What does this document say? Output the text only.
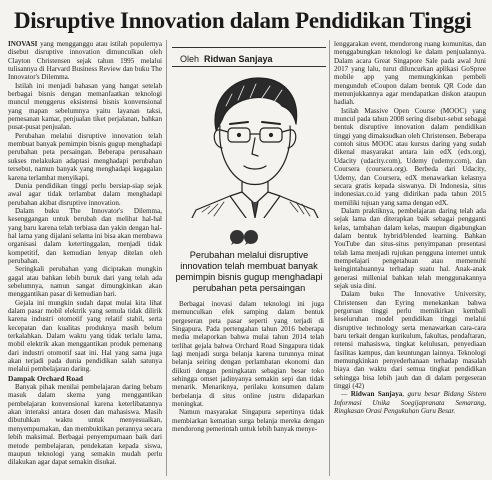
Disruptive Innovation dalam Pendidikan Tinggi

INOVASI yang mengganggu atau istilah populernya disebut disruptive innovation dimunculkan oleh Clayton Christensen sejak tahun 1995 melalui tulisannya di Harvard Business Review dan buku The Innovator's Dilemma.

Istilah ini menjadi bahasan yang hangat setelah berbagai bisnis dengan memanfaatkan teknologi muncul menggerus eksistensi bisnis konvensional yang mapan sebelumnya yaitu layanan taksi, pemesanan kamar, penjualan tiket perjalanan, bahkan pusat-pusat penjualan.

Perubahan melalui disruptive innovation telah membuat banyak pemimpin bisnis gugup menghadapi perubahan peta persaingan. Beberapa perusahaan sukses melakukan adaptasi menghadapi perubahan tersebut, namun banyak yang menghadapi kegagalan karena terlambat menyikapi.

Dunia pendidikan tinggi perlu bersiap-siap sejak awal agar tidak terlambat dalam menghadapi perubahan akibat disruptive innovation.

Dalam buku The Innovator's Dilemma, kesenggangan untuk berubah dan melihat hal-hal yang baru karena telah terbiasa dan yakin dengan hal-hal lama yang dijalani selama ini bisa akan membawa organisasi dalam ketertinggalan, menjadi tidak kompetitif, dan kemudian lenyap ditelan oleh perubahan.

Seringkali perubahan yang diciptakan mungkin gagal atau bahkan lebih buruk dari yang telah ada sebelumnya, namun sangat dimungkinkan akan menggantikan pasar di kemudian hari.

Gejala ini mungkin sudah dapat mulai kita lihat dalam pasar mobil elektrik yang semula tidak dilirik karena industri otomotif yang relatif stabil, serta kecepatan dan kualitas produknya masih belum terkalahkan. Dalam waktu yang tidak terlalu lama, mobil elektrik akan menggantikan produk pemenang dari industri otomotif saat ini. Hal yang sama juga akan terjadi pada dunia pendidikan salah satunya melalui pembelajaran daring.

Dampak Orchard Road

Banyak pihak menilai pembelajaran daring bebam masuk dalam skema yang menggantikan pembelajaran konvensional karena keterlibatannya akan interaksi antara dosen dan mahasiswa. Masih dibutuhkan waktu untuk menyesuaikan, menyempurnakan, dan membuktikan perannya secara lebih maksimal. Berbagai penyempurnaan baik dari metode pembelajaran, pendekatan kepada siswa, maupun teknologi yang semakin mudah perlu dilakukan agar dapat semakin disukai.

Oleh Ridwan Sanjaya
Perubahan melalui disruptive
innovation telah membuat banyak
pemimpin bisnis gugup menghadapi
perubahan peta persaingan

Berbagai inovasi dalam teknologi ini juga memunculkan efek samping dalam bentuk pergeseran peta pasar seperti yang terjadi di Singapura. Pada pertengahan tahun 2016 beberapa media melaporkan bahwa mulai tahun 2014 telah terlihat gejala bahwa Orchard Road Singapura tidak lagi menjadi surga belanja karena turunnya minat belanja seiring dengan perlambatan ekonomi dan diikuti dengan peningkatan sebagian besar toko sehingga omset jadinyanya semakin sepi dan tidak menarik. Menariknya, perilaku konsumen dalam berbelanja di situs online justru didaparkan meningkat.

Namun masyarakat Singapura sepertinya tidak membiarkan kematian surga belanja mereka dengan mendorong pemerintah untuk lebih banyak menye-

lenggarakan event, mendorong ruang komunitas, dan menggabungkan teknologi ke dalam penjualannya. Dalam acara Great Singapore Sale pada awal Juni 2017 yang lalu, turut diluncurkan aplikasi GoSpree mobile app yang memungkinkan pembeli mengunduh eCoupon dalam bentuk QR Code dan menunjukkannya agar mendapatkan diskon ataupun hadiah.

Istilah Massive Open Course (MOOC) yang muncul pada tahun 2008 sering disebut-sebut sebagai bentuk disruptive innovation dalam pendidikan tinggi yang dimaksudkan oleh Christensen. Beberapa contoh situs MOOC atau kursus daring yang sudah dikenal masyarakat antara lain edX (edx.org), Udacity (udacity.com), Udemy (udemy.com), dan Coursera (coursera.org). Berbeda dari Udacity, Udemy, dan Coursera, edX menawarkan kelasnya secara gratis kepada siswanya. Di Indonesia, situs indonesiax.co.id yang didirikan pada tahun 2015 memiliki tujuan yang sama dengan edX.

Dalam praktiknya, pembelajaran daring telah ada sejak lama dan diterapkan baik sebagai pengganti kelas, tambahan dalam kelas, maupun digabungkan dalam bentuk hybrid/blended learning. Bahkan YouTube dan situs-situs penyimpanan presentasi telah lama menjadi rujukan pengguna internet untuk mempelajari pengetahuan atau memenuhi keingintahuannya terhadap suatu hal. Anak-anak generasi millenial bahkan telah menggunakannya sejak usia dini.

Dalam buku The Innovative University, Christensen dan Eyring menekankan bahwa perguruan tinggi perlu memikirkan kembali keseluruhan model pendidikan tinggi melalui disruptive technology serta menawarkan cara-cara baru terkait dengan kurikulum, fakultas, pendaftaran, retensi mahasiswa, tingkat kelulusan, penyediaan fasilitas kampus, dan keuntungan lainnya. Teknologi memungkinkan penyederhanaan terhadap masalah biaya dan waktu dari semua tingkat pendidikan sehingga bisa lebih jauh dan di dalam pergeseran tinggi (42)

— Ridwan Sanjaya, guru besar Bidang Sistem Informasi Unika Soegijapranata Semarang, Ringkasan Orasi Pengukuhan Guru Besar.
